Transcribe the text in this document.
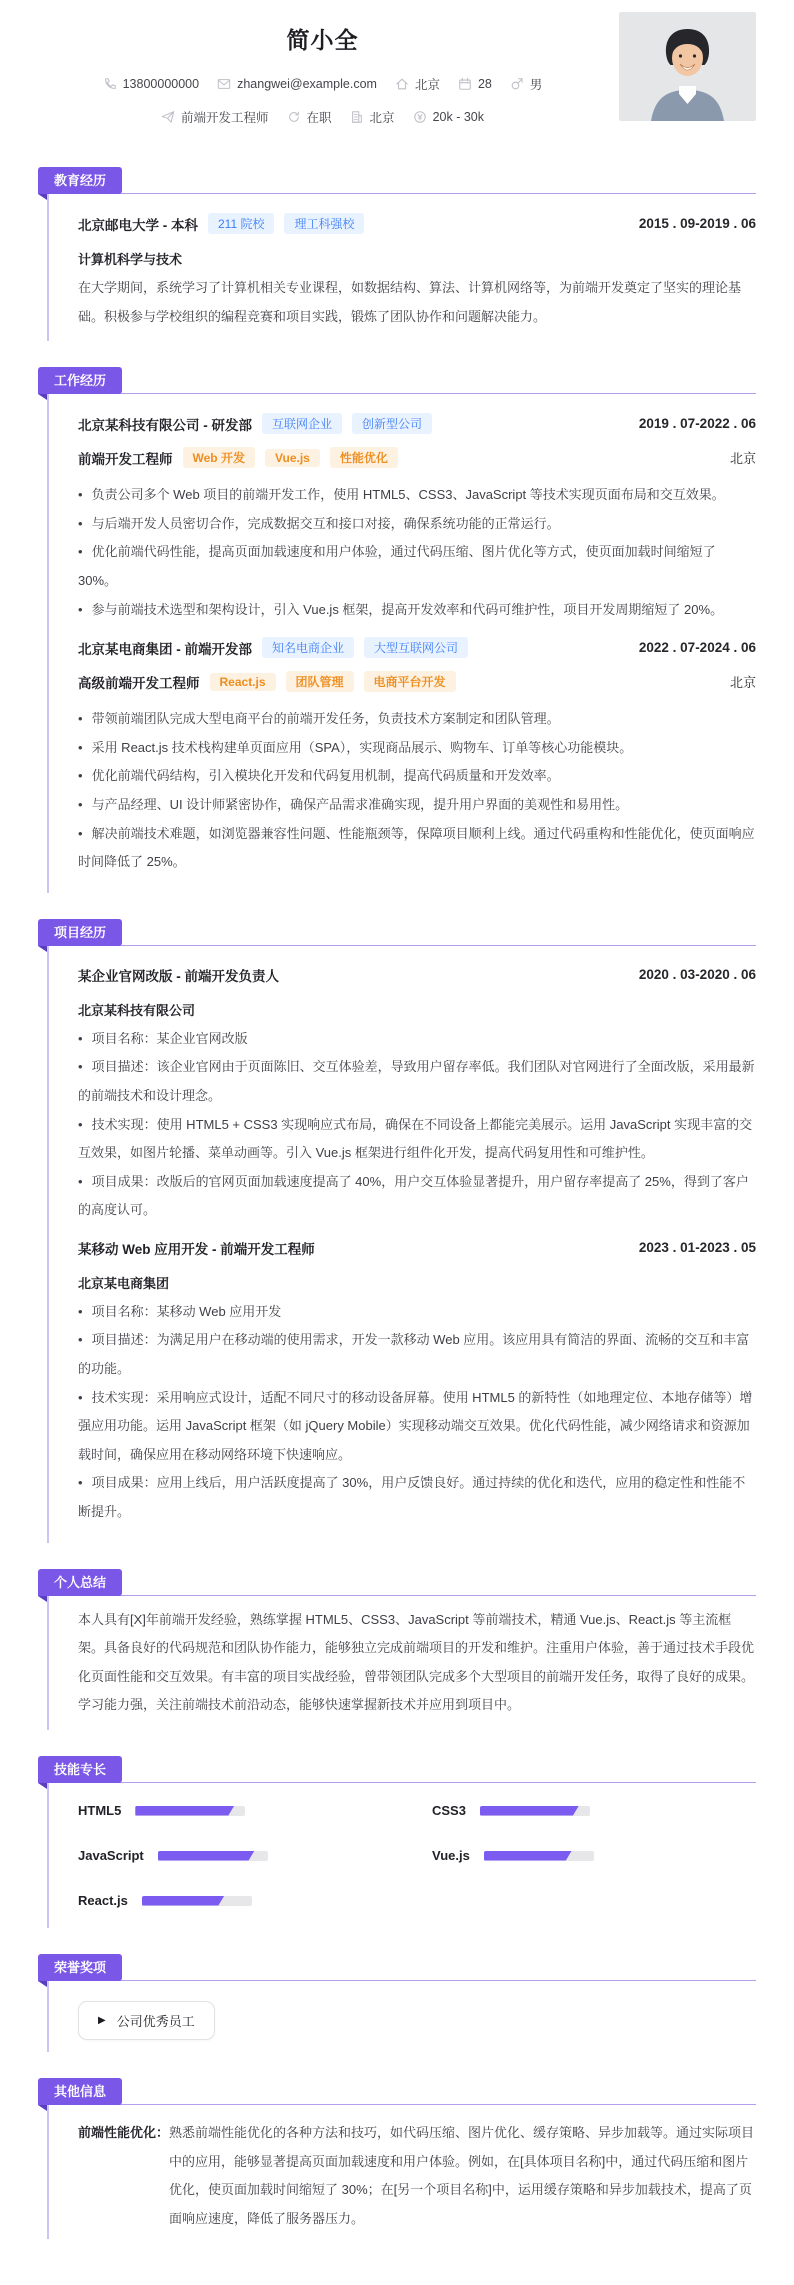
简小全
13800000000	zhangwei@example.com	北京	28	男
前端开发工程师	在职	北京	20k - 30k
教育经历
北京邮电大学 - 本科	211 院校	理工科强校	2015 . 09-2019 . 06
计算机科学与技术

在大学期间，系统学习了计算机相关专业课程，如数据结构、算法、计算机网络等，为前端开发奠定了坚实的理论基础。积极参与学校组织的编程竞赛和项目实践，锻炼了团队协作和问题解决能力。

工作经历
北京某科技有限公司 - 研发部	互联网企业	创新型公司	2019 . 07-2022 . 06
前端开发工程师	Web 开发	Vue.js	性能优化	北京
• 负责公司多个 Web 项目的前端开发工作，使用 HTML5、CSS3、JavaScript 等技术实现页面布局和交互效果。
• 与后端开发人员密切合作，完成数据交互和接口对接，确保系统功能的正常运行。
• 优化前端代码性能，提高页面加载速度和用户体验，通过代码压缩、图片优化等方式，使页面加载时间缩短了 30%。
• 参与前端技术选型和架构设计，引入 Vue.js 框架，提高开发效率和代码可维护性，项目开发周期缩短了 20%。
北京某电商集团 - 前端开发部	知名电商企业	大型互联网公司	2022 . 07-2024 . 06
高级前端开发工程师	React.js	团队管理	电商平台开发	北京
• 带领前端团队完成大型电商平台的前端开发任务，负责技术方案制定和团队管理。
• 采用 React.js 技术栈构建单页面应用（SPA），实现商品展示、购物车、订单等核心功能模块。
• 优化前端代码结构，引入模块化开发和代码复用机制，提高代码质量和开发效率。
• 与产品经理、UI 设计师紧密协作，确保产品需求准确实现，提升用户界面的美观性和易用性。
• 解决前端技术难题，如浏览器兼容性问题、性能瓶颈等，保障项目顺利上线。通过代码重构和性能优化，使页面响应时间降低了 25%。
项目经历
某企业官网改版 - 前端开发负责人	2020 . 03-2020 . 06
北京某科技有限公司
• 项目名称：某企业官网改版
• 项目描述：该企业官网由于页面陈旧、交互体验差，导致用户留存率低。我们团队对官网进行了全面改版，采用最新的前端技术和设计理念。
• 技术实现：使用 HTML5 + CSS3 实现响应式布局，确保在不同设备上都能完美展示。运用 JavaScript 实现丰富的交互效果，如图片轮播、菜单动画等。引入 Vue.js 框架进行组件化开发，提高代码复用性和可维护性。
• 项目成果：改版后的官网页面加载速度提高了 40%，用户交互体验显著提升，用户留存率提高了 25%，得到了客户的高度认可。
某移动 Web 应用开发 - 前端开发工程师	2023 . 01-2023 . 05
北京某电商集团
• 项目名称：某移动 Web 应用开发
• 项目描述：为满足用户在移动端的使用需求，开发一款移动 Web 应用。该应用具有简洁的界面、流畅的交互和丰富的功能。
• 技术实现：采用响应式设计，适配不同尺寸的移动设备屏幕。使用 HTML5 的新特性（如地理定位、本地存储等）增强应用功能。运用 JavaScript 框架（如 jQuery Mobile）实现移动端交互效果。优化代码性能，减少网络请求和资源加载时间，确保应用在移动网络环境下快速响应。
• 项目成果：应用上线后，用户活跃度提高了 30%，用户反馈良好。通过持续的优化和迭代，应用的稳定性和性能不断提升。
个人总结

本人具有[X]年前端开发经验，熟练掌握 HTML5、CSS3、JavaScript 等前端技术，精通 Vue.js、React.js 等主流框架。具备良好的代码规范和团队协作能力，能够独立完成前端项目的开发和维护。注重用户体验，善于通过技术手段优化页面性能和交互效果。有丰富的项目实战经验，曾带领团队完成多个大型项目的前端开发任务，取得了良好的成果。学习能力强，关注前端技术前沿动态，能够快速掌握新技术并应用到项目中。

技能专长
HTML5	CSS3
JavaScript	Vue.js
React.js
荣誉奖项
▶ 公司优秀员工
其他信息
前端性能优化： 熟悉前端性能优化的各种方法和技巧，如代码压缩、图片优化、缓存策略、异步加载等。通过实际项目中的应用，能够显著提高页面加载速度和用户体验。例如，在[具体项目名称]中，通过代码压缩和图片优化，使页面加载时间缩短了 30%；在[另一个项目名称]中，运用缓存策略和异步加载技术，提高了页面响应速度，降低了服务器压力。
